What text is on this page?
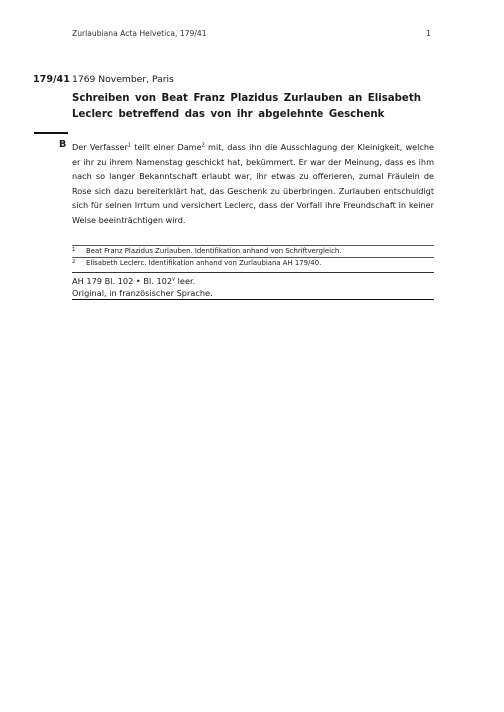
Zurlaubiana Acta Helvetica, 179/41	1
179/41 1769 November, Paris
Schreiben von Beat Franz Plazidus Zurlauben an Elisabeth
Leclerc betreffend das von ihr abgelehnte Geschenk
B Der Verfasser$^1$ teilt einer Dame$^2$ mit, dass ihn die Ausschlagung der Kleinigkeit, welche er ihr zu ihrem Namenstag geschickt hat, bekümmert. Er war der Meinung, dass es ihm nach so langer Bekanntschaft erlaubt war, ihr etwas zu offerieren, zumal Fräulein de Rose sich dazu bereiterklärt hat, das Geschenk zu überbringen. Zurlauben entschuldigt sich für seinen Irrtum und versichert Leclerc, dass der Vorfall ihre Freundschaft in keiner Weise beeinträchtigen wird.
1 Beat Franz Plazidus Zurlauben. Identifikation anhand von Schriftvergleich.
2 Elisabeth Leclerc. Identifikation anhand von Zurlaubiana AH 179/40.
AH 179 Bl. 102 • Bl. 102$^v$ leer.
Original, in französischer Sprache.
